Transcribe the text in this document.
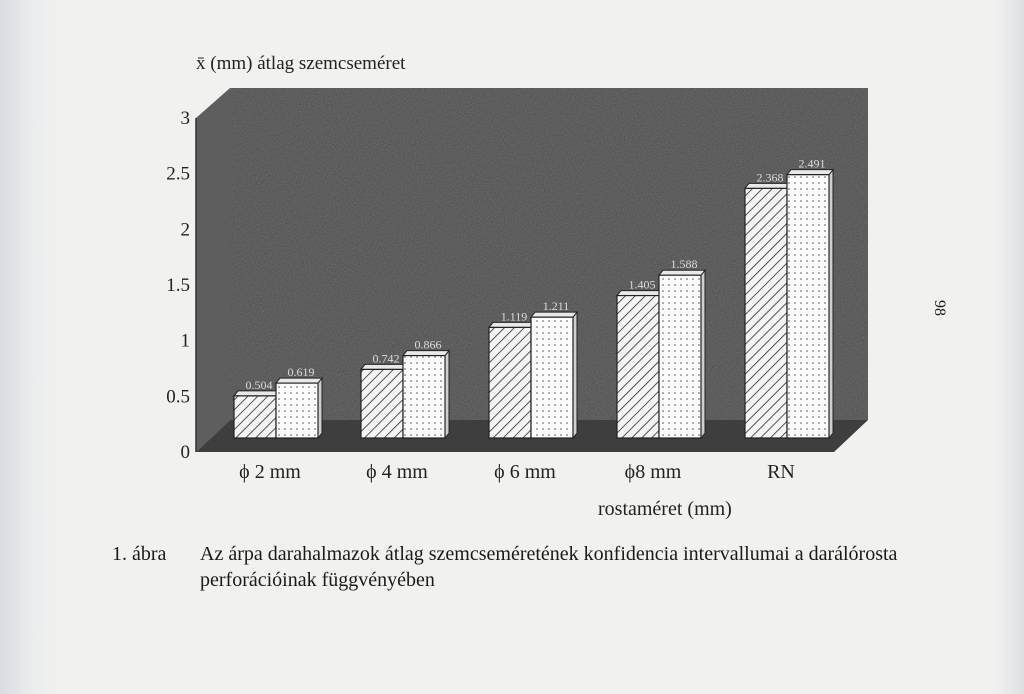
0
0.5
1
1.5
2
2.5
3
0.504
0.619
0.742
0.866
1.119
1.211
1.405
1.588
2.368
2.491
ϕ 2 mm	ϕ 4 mm	ϕ 6 mm	ϕ8 mm	RN
x̄ (mm) átlag szemcseméret
rostaméret (mm)
1. ábra Az árpa darahalmazok átlag szemcseméretének konfidencia intervallumai a darálórosta perforációinak függvényében
98
